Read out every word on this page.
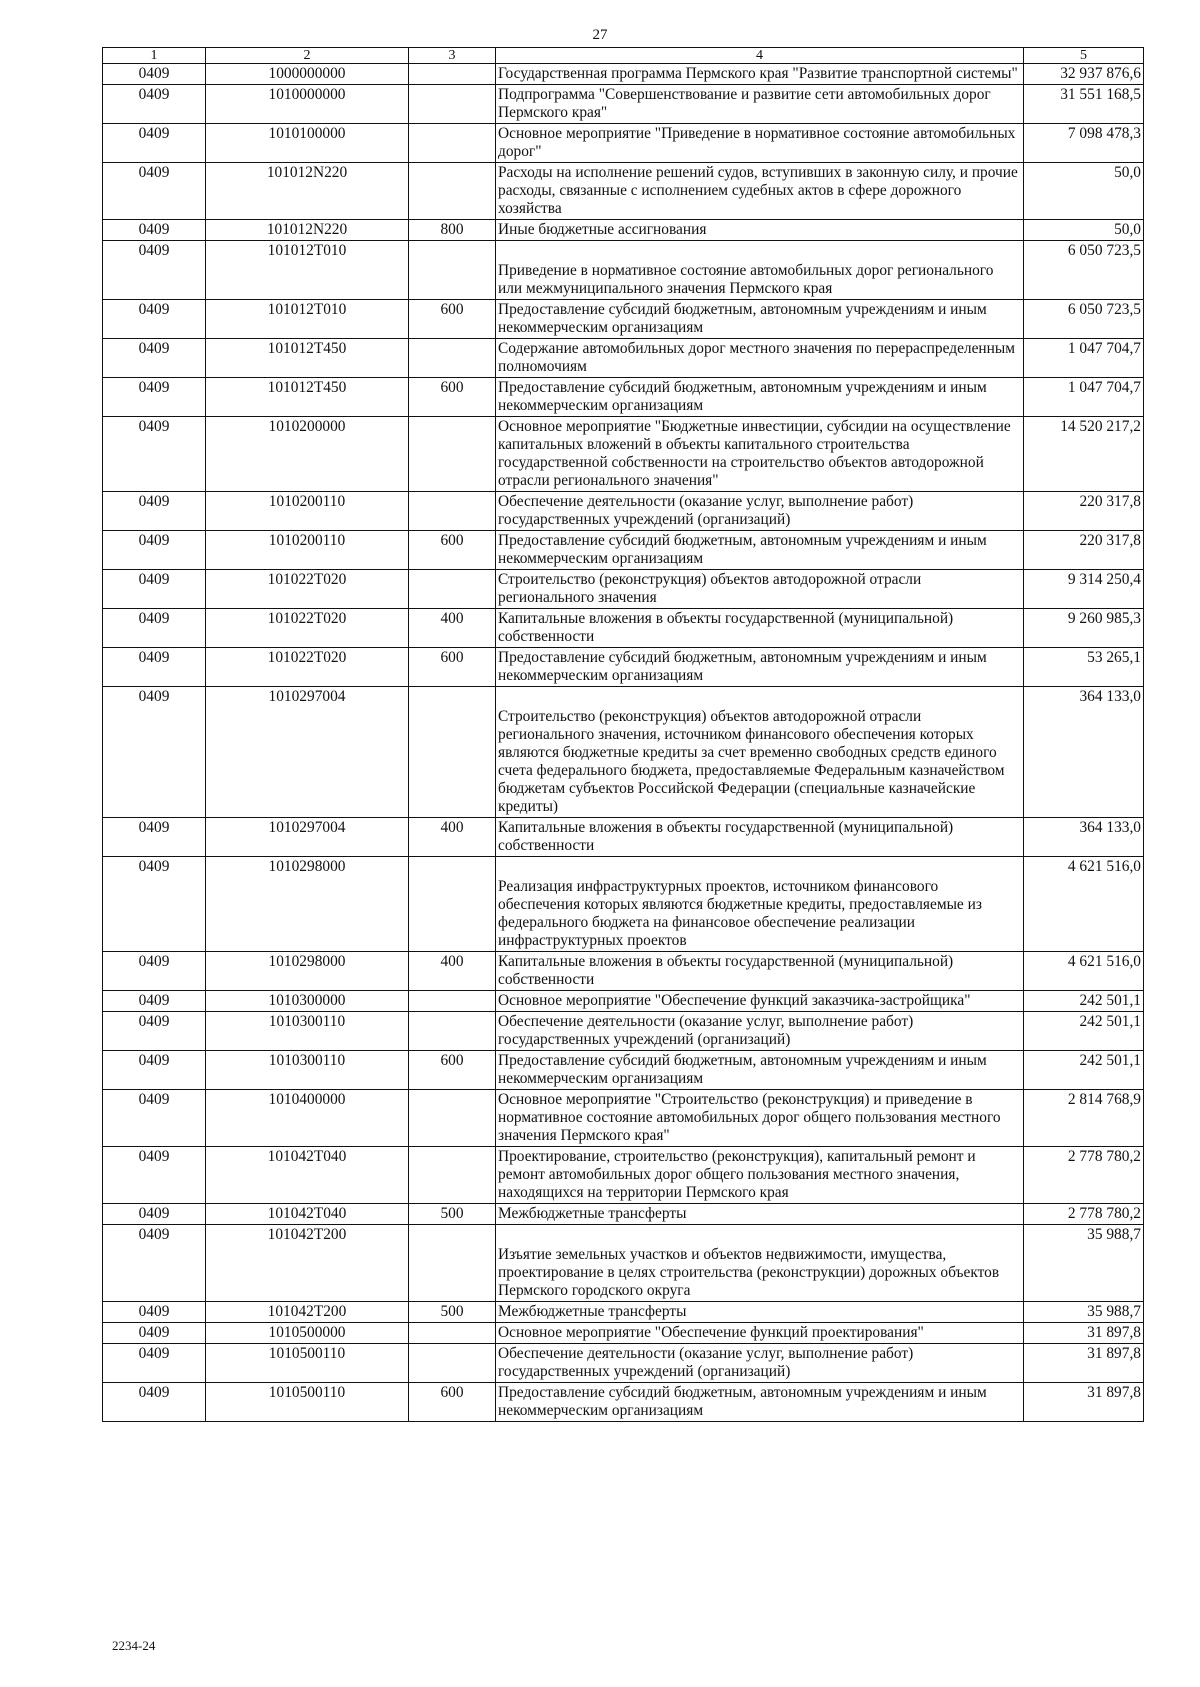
27
1	2	3	4	5
0409	1000000000		Государственная программа Пермского края "Развитие транспортной системы"	32 937 876,6
0409	1010000000		Подпрограмма "Совершенствование и развитие сети автомобильных дорог Пермского края"	31 551 168,5
0409	1010100000		Основное мероприятие "Приведение в нормативное состояние автомобильных дорог"	7 098 478,3
0409	101012N220		Расходы на исполнение решений судов, вступивших в законную силу, и прочие расходы, связанные с исполнением судебных актов в сфере дорожного хозяйства	50,0
0409	101012N220	800	Иные бюджетные ассигнования	50,0
0409	101012T010		Приведение в нормативное состояние автомобильных дорог регионального или межмуниципального значения Пермского края	6 050 723,5
0409	101012T010	600	Предоставление субсидий бюджетным, автономным учреждениям и иным некоммерческим организациям	6 050 723,5
0409	101012T450		Содержание автомобильных дорог местного значения по перераспределенным полномочиям	1 047 704,7
0409	101012T450	600	Предоставление субсидий бюджетным, автономным учреждениям и иным некоммерческим организациям	1 047 704,7
0409	1010200000		Основное мероприятие "Бюджетные инвестиции, субсидии на осуществление капитальных вложений в объекты капитального строительства государственной собственности на строительство объектов автодорожной отрасли регионального значения"	14 520 217,2
0409	1010200110		Обеспечение деятельности (оказание услуг, выполнение работ) государственных учреждений (организаций)	220 317,8
0409	1010200110	600	Предоставление субсидий бюджетным, автономным учреждениям и иным некоммерческим организациям	220 317,8
0409	101022T020		Строительство (реконструкция) объектов автодорожной отрасли регионального значения	9 314 250,4
0409	101022T020	400	Капитальные вложения в объекты государственной (муниципальной) собственности	9 260 985,3
0409	101022T020	600	Предоставление субсидий бюджетным, автономным учреждениям и иным некоммерческим организациям	53 265,1
0409	1010297004		Строительство (реконструкция) объектов автодорожной отрасли регионального значения, источником финансового обеспечения которых являются бюджетные кредиты за счет временно свободных средств единого счета федерального бюджета, предоставляемые Федеральным казначейством бюджетам субъектов Российской Федерации (специальные казначейские кредиты)	364 133,0
0409	1010297004	400	Капитальные вложения в объекты государственной (муниципальной) собственности	364 133,0
0409	1010298000		Реализация инфраструктурных проектов, источником финансового обеспечения которых являются бюджетные кредиты, предоставляемые из федерального бюджета на финансовое обеспечение реализации инфраструктурных проектов	4 621 516,0
0409	1010298000	400	Капитальные вложения в объекты государственной (муниципальной) собственности	4 621 516,0
0409	1010300000		Основное мероприятие "Обеспечение функций заказчика-застройщика"	242 501,1
0409	1010300110		Обеспечение деятельности (оказание услуг, выполнение работ) государственных учреждений (организаций)	242 501,1
0409	1010300110	600	Предоставление субсидий бюджетным, автономным учреждениям и иным некоммерческим организациям	242 501,1
0409	1010400000		Основное мероприятие "Строительство (реконструкция) и приведение в нормативное состояние автомобильных дорог общего пользования местного значения Пермского края"	2 814 768,9
0409	101042T040		Проектирование, строительство (реконструкция), капитальный ремонт и ремонт автомобильных дорог общего пользования местного значения, находящихся на территории Пермского края	2 778 780,2
0409	101042T040	500	Межбюджетные трансферты	2 778 780,2
0409	101042T200		Изъятие земельных участков и объектов недвижимости, имущества, проектирование в целях строительства (реконструкции) дорожных объектов Пермского городского округа	35 988,7
0409	101042T200	500	Межбюджетные трансферты	35 988,7
0409	1010500000		Основное мероприятие "Обеспечение функций проектирования"	31 897,8
0409	1010500110		Обеспечение деятельности (оказание услуг, выполнение работ) государственных учреждений (организаций)	31 897,8
0409	1010500110	600	Предоставление субсидий бюджетным, автономным учреждениям и иным некоммерческим организациям	31 897,8
2234-24
